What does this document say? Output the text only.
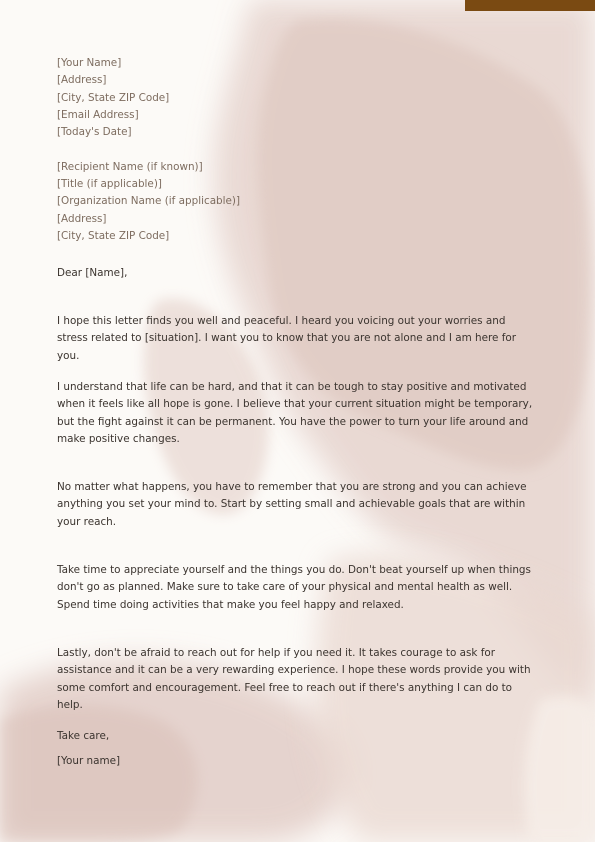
[Your Name]
[Address]
[City, State ZIP Code]
[Email Address]
[Today's Date]
[Recipient Name (if known)]
[Title (if applicable)]
[Organization Name (if applicable)]
[Address]
[City, State ZIP Code]
Dear [Name],
I hope this letter finds you well and peaceful. I heard you voicing out your worries and stress related to [situation]. I want you to know that you are not alone and I am here for you.
I understand that life can be hard, and that it can be tough to stay positive and motivated when it feels like all hope is gone. I believe that your current situation might be temporary, but the fight against it can be permanent. You have the power to turn your life around and make positive changes.
No matter what happens, you have to remember that you are strong and you can achieve anything you set your mind to. Start by setting small and achievable goals that are within your reach.
Take time to appreciate yourself and the things you do. Don't beat yourself up when things don't go as planned. Make sure to take care of your physical and mental health as well. Spend time doing activities that make you feel happy and relaxed.
Lastly, don't be afraid to reach out for help if you need it. It takes courage to ask for assistance and it can be a very rewarding experience. I hope these words provide you with some comfort and encouragement. Feel free to reach out if there's anything I can do to help.
Take care,
[Your name]
